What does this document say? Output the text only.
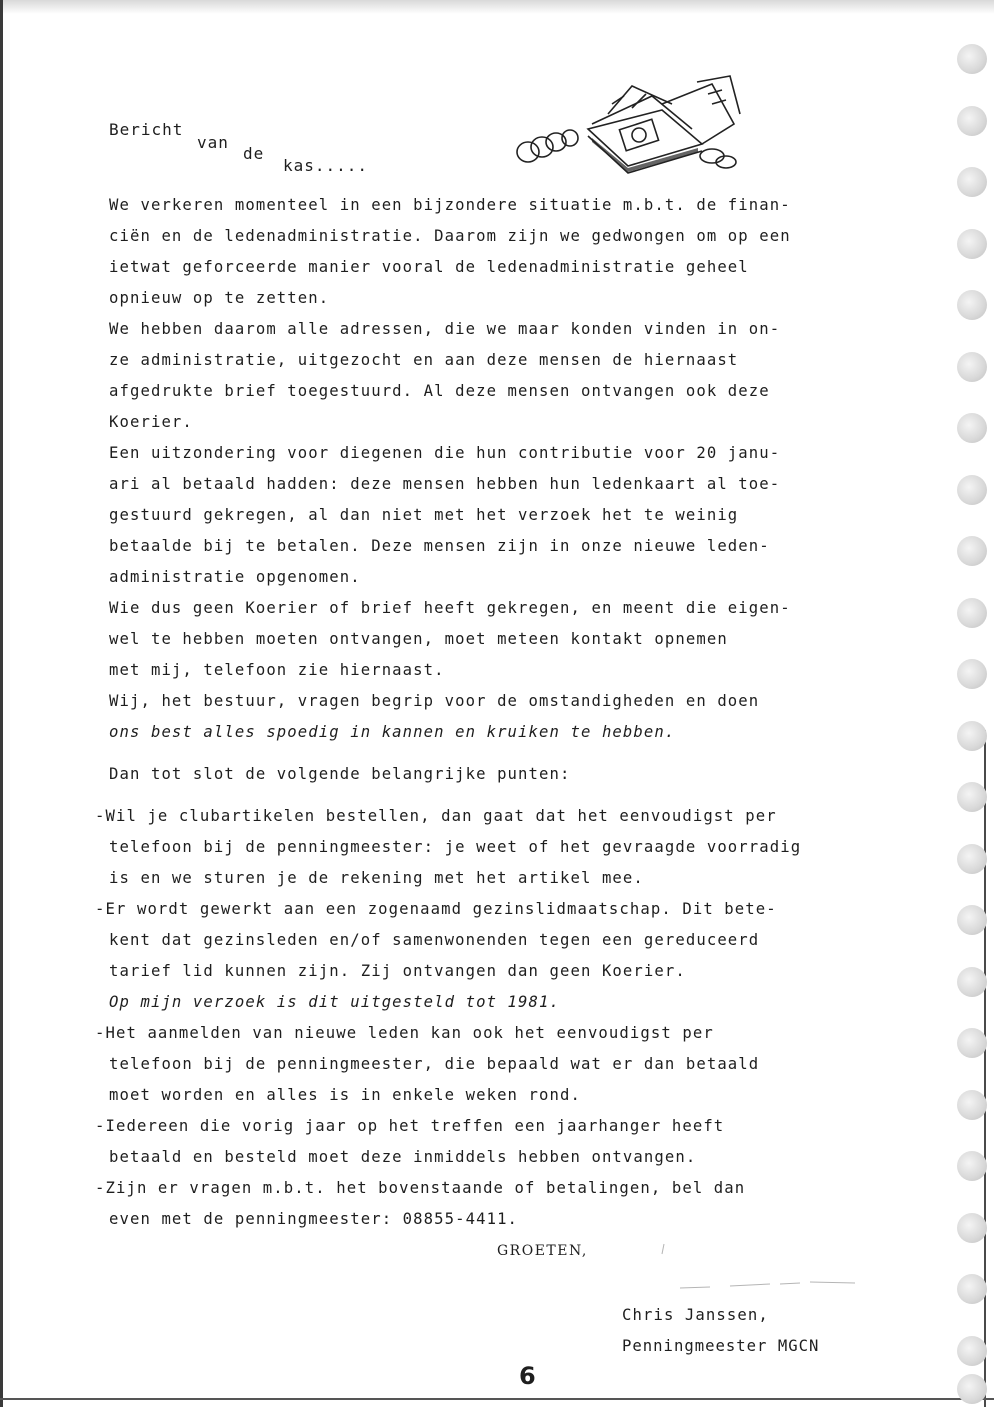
Bericht
van
de
kas.....
We verkeren momenteel in een bijzondere situatie m.b.t. de finan-
ciën en de ledenadministratie. Daarom zijn we gedwongen om op een
ietwat geforceerde manier vooral de ledenadministratie geheel
opnieuw op te zetten.
We hebben daarom alle adressen, die we maar konden vinden in on-
ze administratie, uitgezocht en aan deze mensen de hiernaast
afgedrukte brief toegestuurd. Al deze mensen ontvangen ook deze
Koerier.
Een uitzondering voor diegenen die hun contributie voor 20 janu-
ari al betaald hadden: deze mensen hebben hun ledenkaart al toe-
gestuurd gekregen, al dan niet met het verzoek het te weinig
betaalde bij te betalen. Deze mensen zijn in onze nieuwe leden-
administratie opgenomen.
Wie dus geen Koerier of brief heeft gekregen, en meent die eigen-
wel te hebben moeten ontvangen, moet meteen kontakt opnemen
met mij, telefoon zie hiernaast.
Wij, het bestuur, vragen begrip voor de omstandigheden en doen
ons best alles spoedig in kannen en kruiken te hebben.
Dan tot slot de volgende belangrijke punten:
-Wil je clubartikelen bestellen, dan gaat dat het eenvoudigst per
telefoon bij de penningmeester: je weet of het gevraagde voorradig
is en we sturen je de rekening met het artikel mee.
-Er wordt gewerkt aan een zogenaamd gezinslidmaatschap. Dit bete-
kent dat gezinsleden en/of samenwonenden tegen een gereduceerd
tarief lid kunnen zijn. Zij ontvangen dan geen Koerier.
Op mijn verzoek is dit uitgesteld tot 1981.
-Het aanmelden van nieuwe leden kan ook het eenvoudigst per
telefoon bij de penningmeester, die bepaald wat er dan betaald
moet worden en alles is in enkele weken rond.
-Iedereen die vorig jaar op het treffen een jaarhanger heeft
betaald en besteld moet deze inmiddels hebben ontvangen.
-Zijn er vragen m.b.t. het bovenstaande of betalingen, bel dan
even met de penningmeester: 08855-4411.
GROETEN,
Chris Janssen,
Penningmeester MGCN
6
